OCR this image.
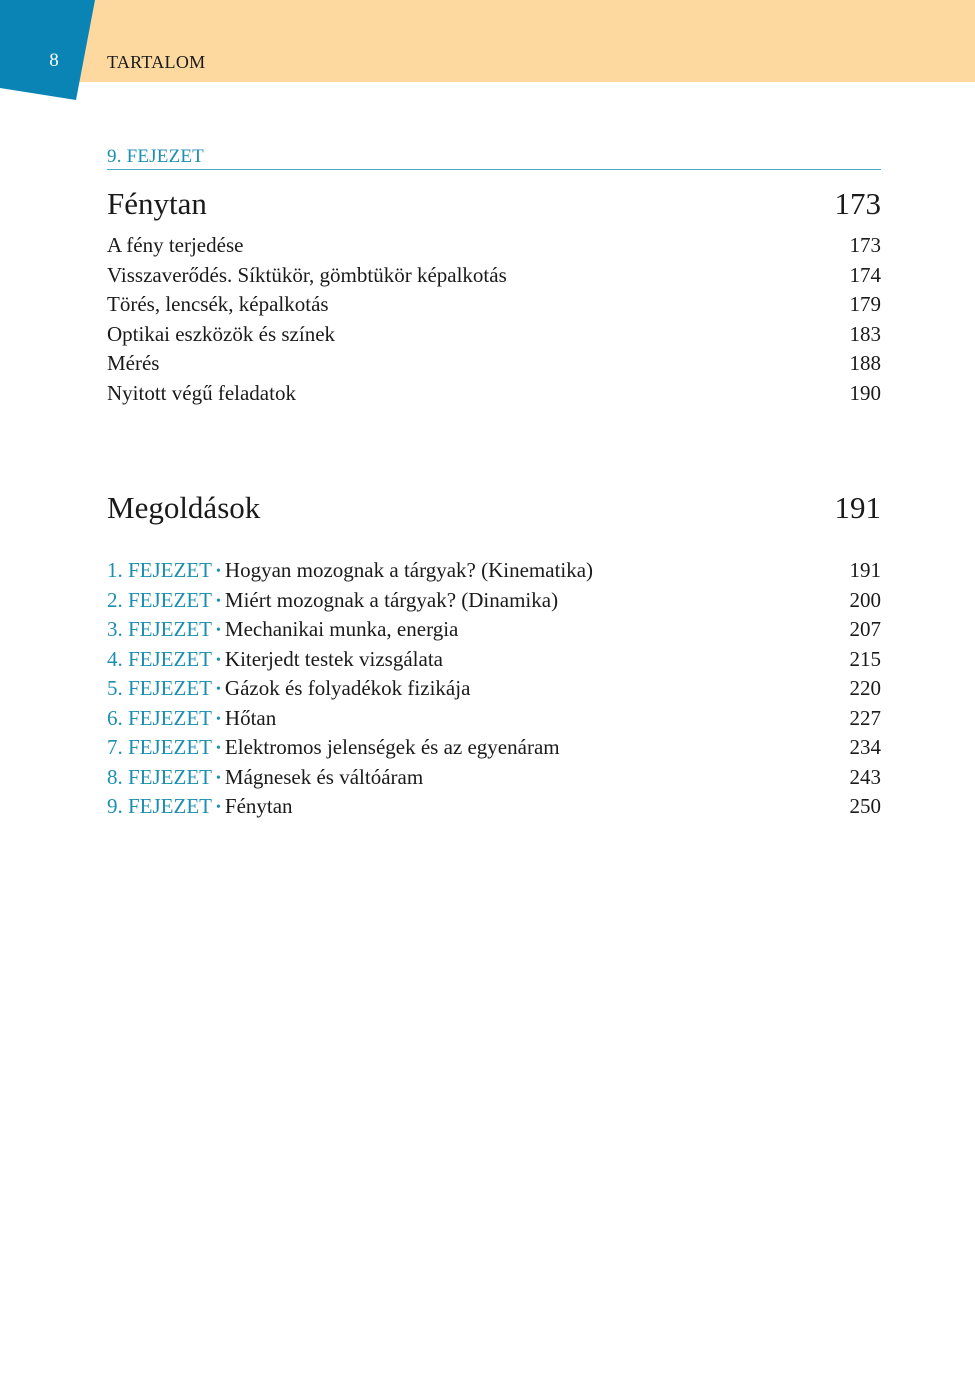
8	TARTALOM
9. FEJEZET
Fénytan	173
A fény terjedése	173
Visszaverődés. Síktükör, gömbtükör képalkotás	174
Törés, lencsék, képalkotás	179
Optikai eszközök és színek	183
Mérés	188
Nyitott végű feladatok	190
Megoldások	191
1. FEJEZET • Hogyan mozognak a tárgyak? (Kinematika)	191
2. FEJEZET • Miért mozognak a tárgyak? (Dinamika)	200
3. FEJEZET • Mechanikai munka, energia	207
4. FEJEZET • Kiterjedt testek vizsgálata	215
5. FEJEZET • Gázok és folyadékok fizikája	220
6. FEJEZET • Hőtan	227
7. FEJEZET • Elektromos jelenségek és az egyenáram	234
8. FEJEZET • Mágnesek és váltóáram	243
9. FEJEZET • Fénytan	250
